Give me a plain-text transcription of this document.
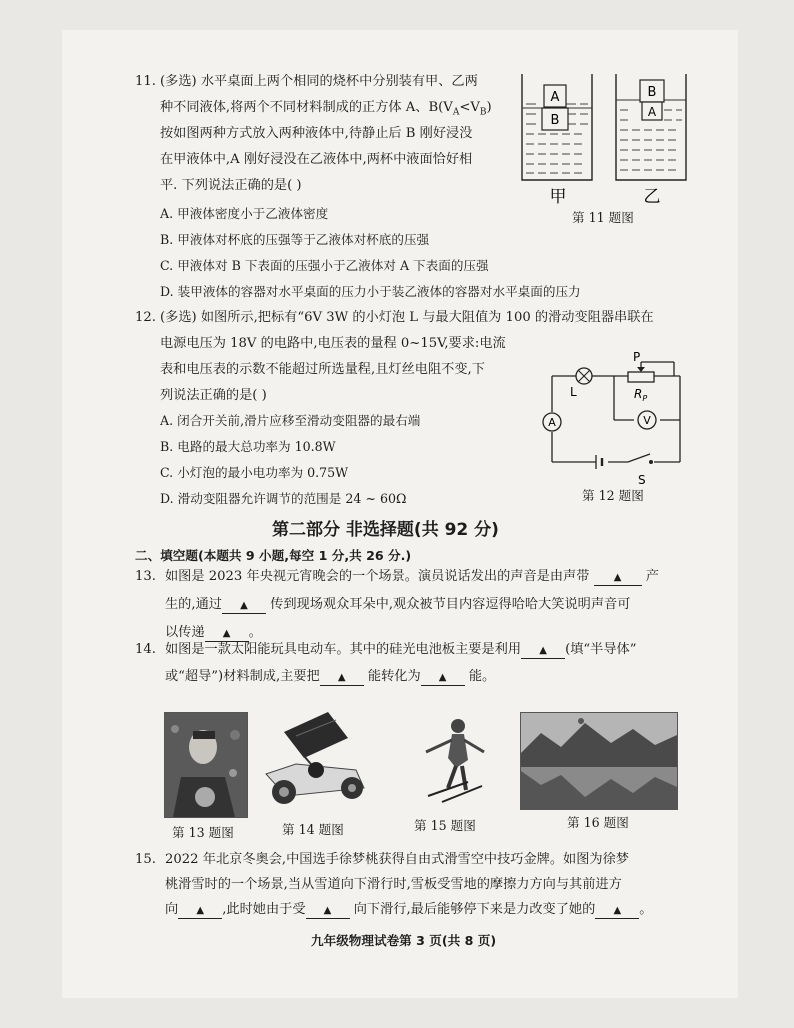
11. (多选) 水平桌面上两个相同的烧杯中分别装有甲、乙两
种不同液体,将两个不同材料制成的正方体 A、$B(V_A<V_B)$
按如图两种方式放入两种液体中,待静止后 B 刚好浸没
在甲液体中,A 刚好浸没在乙液体中,两杯中液面恰好相
平. 下列说法正确的是( )
A. 甲液体密度小于乙液体密度
B. 甲液体对杯底的压强等于乙液体对杯底的压强
C. 甲液体对 B 下表面的压强小于乙液体对 A 下表面的压强
D. 装甲液体的容器对水平桌面的压力小于装乙液体的容器对水平桌面的压力
A
B
B
A
甲	乙
第 11 题图
12. (多选) 如图所示,把标有“6V 3W 的小灯泡 L 与最大阻值为 100 的滑动变阻器串联在
电源电压为 18V 的电路中,电压表的量程 0~15V,要求:电流
表和电压表的示数不能超过所选量程,且灯丝电阻不变,下
列说法正确的是( )
A. 闭合开关前,滑片应移至滑动变阻器的最右端
B. 电路的最大总功率为 10.8W
C. 小灯泡的最小电功率为 0.75W
D. 滑动变阻器允许调节的范围是 24 ~ 60Ω
L
P
$R_P$
A	V
S
第 12 题图
第二部分 非选择题(共 92 分)
二、填空题(本题共 9 小题,每空 1 分,共 26 分.)
13. 如图是 2023 年央视元宵晚会的一个场景。演员说话发出的声音是由声带 ▲ 产
生的,通过 ▲ 传到现场观众耳朵中,观众被节目内容逗得哈哈大笑说明声音可
以传递 ▲ 。
14. 如图是一款太阳能玩具电动车。其中的硅光电池板主要是利用 ▲ (填“半导体”
或“超导”)材料制成,主要把 ▲ 能转化为 ▲ 能。
第 13 题图	第 14 题图	第 15 题图	第 16 题图
15. 2022 年北京冬奥会,中国选手徐梦桃获得自由式滑雪空中技巧金牌。如图为徐梦
桃滑雪时的一个场景,当从雪道向下滑行时,雪板受雪地的摩擦力方向与其前进方
向 ▲ ,此时她由于受 ▲ 向下滑行,最后能够停下来是力改变了她的 ▲ 。
九年级物理试卷第 3 页(共 8 页)
